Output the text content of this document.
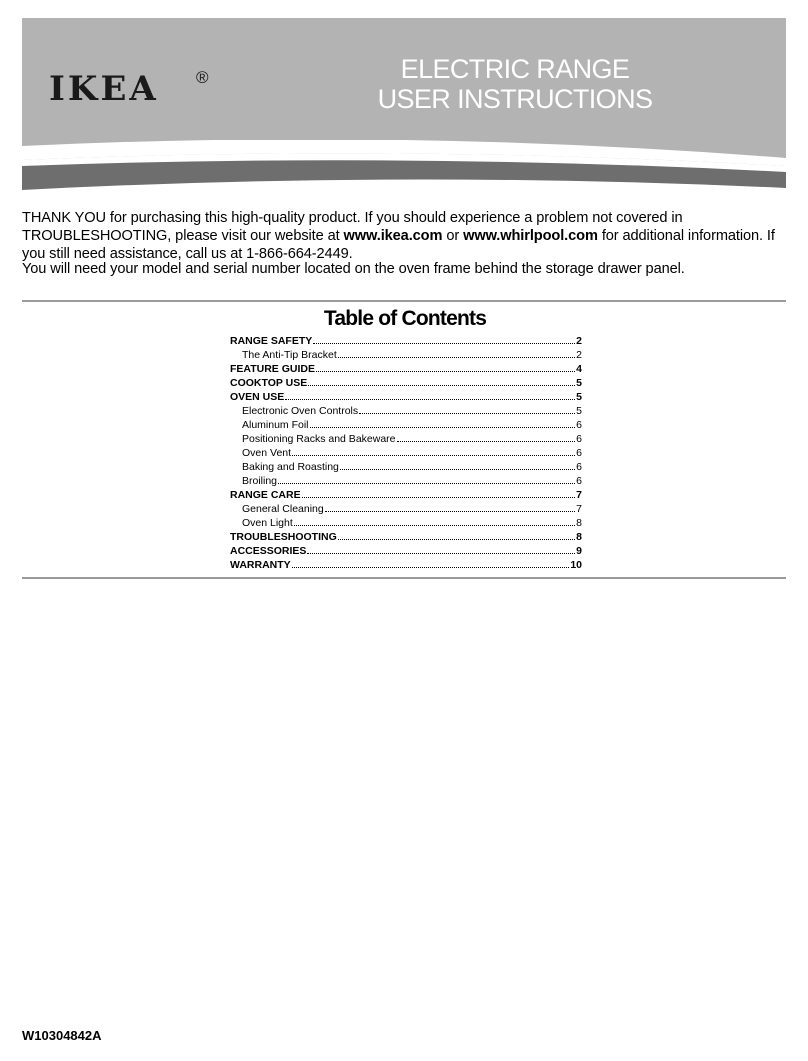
IKEA ®	ELECTRIC RANGE
USER INSTRUCTIONS

THANK YOU for purchasing this high-quality product. If you should experience a problem not covered in TROUBLESHOOTING, please visit our website at www.ikea.com or www.whirlpool.com for additional information. If you still need assistance, call us at 1-866-664-2449.

You will need your model and serial number located on the oven frame behind the storage drawer panel.

Table of Contents
RANGE SAFETY	2
The Anti-Tip Bracket	2
FEATURE GUIDE	4
COOKTOP USE	5
OVEN USE	5
Electronic Oven Controls	5
Aluminum Foil	6
Positioning Racks and Bakeware	6
Oven Vent	6
Baking and Roasting	6
Broiling	6
RANGE CARE	7
General Cleaning	7
Oven Light	8
TROUBLESHOOTING	8
ACCESSORIES	9
WARRANTY	10
W10304842A
